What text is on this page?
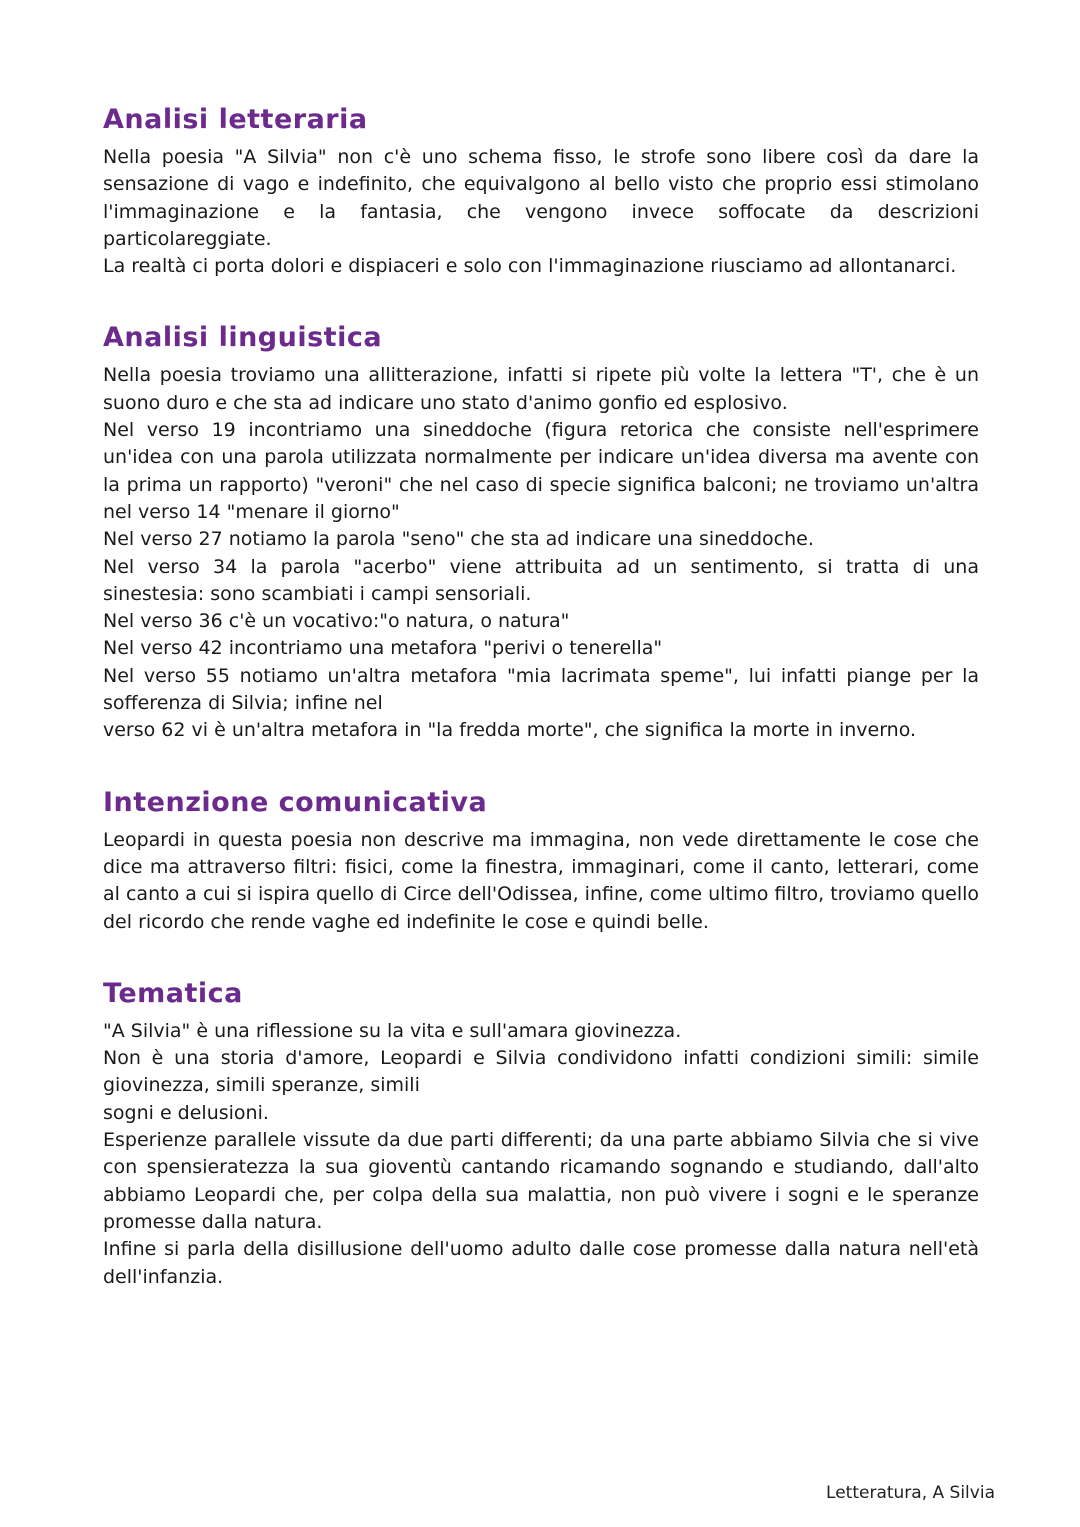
Analisi letteraria

Nella poesia "A Silvia" non c'è uno schema fisso, le strofe sono libere così da dare la sensazione di vago e indefinito, che equivalgono al bello visto che proprio essi stimolano l'immaginazione e la fantasia, che vengono invece soffocate da descrizioni particolareggiate.

La realtà ci porta dolori e dispiaceri e solo con l'immaginazione riusciamo ad allontanarci.

Analisi linguistica

Nella poesia troviamo una allitterazione, infatti si ripete più volte la lettera "T', che è un suono duro e che sta ad indicare uno stato d'animo gonfio ed esplosivo.

Nel verso 19 incontriamo una sineddoche (figura retorica che consiste nell'esprimere un'idea con una parola utilizzata normalmente per indicare un'idea diversa ma avente con la prima un rapporto) "veroni" che nel caso di specie significa balconi; ne troviamo un'altra nel verso 14 "menare il giorno"

Nel verso 27 notiamo la parola "seno" che sta ad indicare una sineddoche.

Nel verso 34 la parola "acerbo" viene attribuita ad un sentimento, si tratta di una sinestesia: sono scambiati i campi sensoriali.

Nel verso 36 c'è un vocativo:"o natura, o natura"

Nel verso 42 incontriamo una metafora "perivi o tenerella"

Nel verso 55 notiamo un'altra metafora "mia lacrimata speme", lui infatti piange per la sofferenza di Silvia; infine nel

verso 62 vi è un'altra metafora in "la fredda morte", che significa la morte in inverno.

Intenzione comunicativa

Leopardi in questa poesia non descrive ma immagina, non vede direttamente le cose che dice ma attraverso filtri: fisici, come la finestra, immaginari, come il canto, letterari, come al canto a cui si ispira quello di Circe dell'Odissea, infine, come ultimo filtro, troviamo quello del ricordo che rende vaghe ed indefinite le cose e quindi belle.

Tematica

"A Silvia" è una riflessione su la vita e sull'amara giovinezza.

Non è una storia d'amore, Leopardi e Silvia condividono infatti condizioni simili: simile giovinezza, simili speranze, simili

sogni e delusioni.

Esperienze parallele vissute da due parti differenti; da una parte abbiamo Silvia che si vive con spensieratezza la sua gioventù cantando ricamando sognando e studiando, dall'alto abbiamo Leopardi che, per colpa della sua malattia, non può vivere i sogni e le speranze promesse dalla natura.

Infine si parla della disillusione dell'uomo adulto dalle cose promesse dalla natura nell'età dell'infanzia.

Letteratura, A Silvia
